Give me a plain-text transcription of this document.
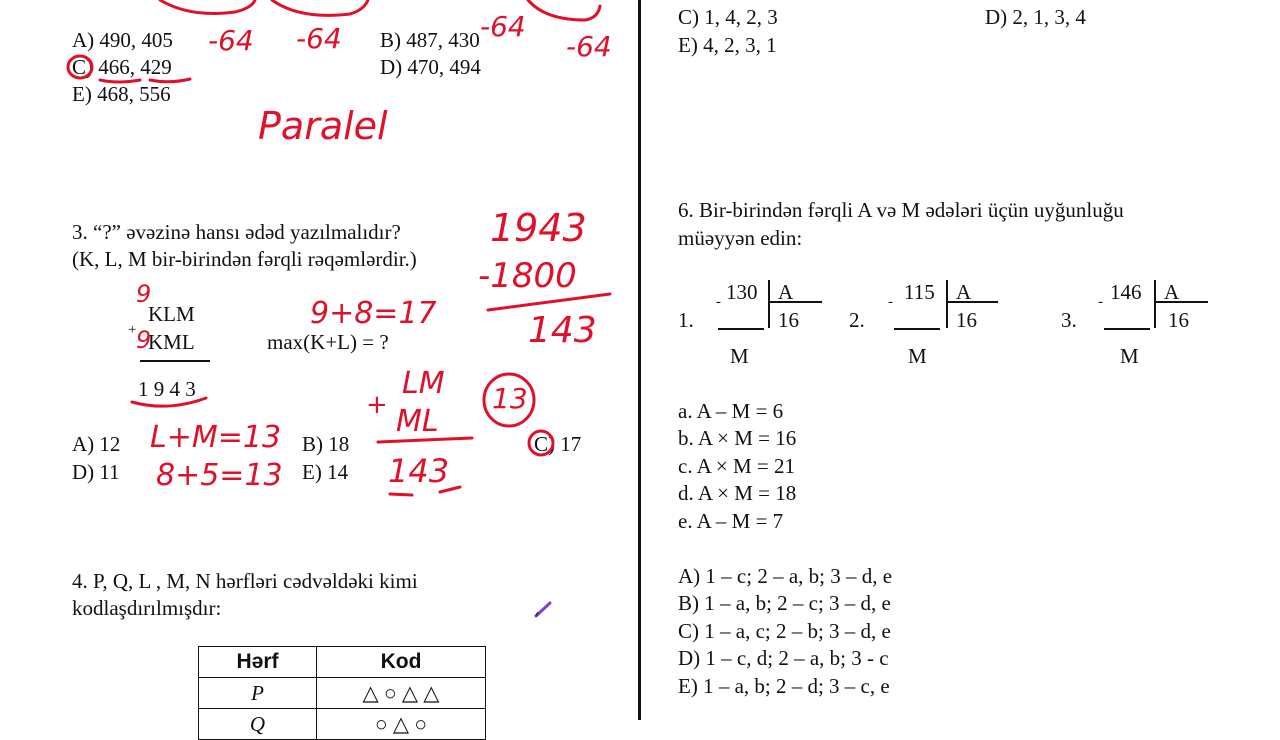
A) 490, 405	B) 487, 430
C) 466, 429	D) 470, 494
E) 468, 556
3. “?” əvəzinə hansı ədəd yazılmalıdır?
(K, L, M bir-birindən fərqli rəqəmlərdir.)
KLM
+ KML
1 9 4 3
max(K+L) = ?
A) 12	B) 18	C) 17
D) 11	E) 14
4. P, Q, L , M, N hərfləri cədvəldəki kimi
kodlaşdırılmışdır:
Hərf	Kod
P	△ ○ △ △
Q	○ △ ○
C) 1, 4, 2, 3	D) 2, 1, 3, 4
E) 4, 2, 3, 1
6. Bir-birindən fərqli A və M ədələri üçün uyğunluğu
müəyyən edin:
1.
- 130 A
16
M
2.
- 115 A
16
M
3.
- 146 A
16
M
a. A – M = 6
b. A × M = 16
c. A × M = 21
d. A × M = 18
e. A – M = 7
A) 1 – c; 2 – a, b; 3 – d, e
B) 1 – a, b; 2 – c; 3 – d, e
C) 1 – a, c; 2 – b; 3 – d, e
D) 1 – c, d; 2 – a, b; 3 - c
E) 1 – a, b; 2 – d; 3 – c, e
-64 -64	-64
-64
Paralel
9
9
9+8=17
1943
-1800
143
LM
+ ML
143
13
L+M=13
8+5=13
